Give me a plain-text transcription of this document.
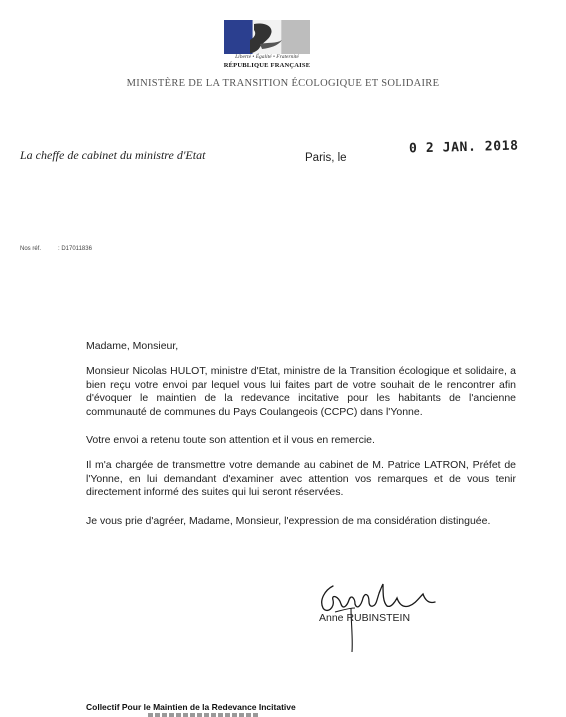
Liberté • Égalité • Fraternité
RÉPUBLIQUE FRANÇAISE
MINISTÈRE DE LA TRANSITION ÉCOLOGIQUE ET SOLIDAIRE
La cheffe de cabinet du ministre d'Etat	Paris, le
0 2 JAN. 2018
Nos réf.	: D17011836
Madame, Monsieur,
Monsieur Nicolas HULOT, ministre d'Etat, ministre de la Transition écologique et solidaire, a bien reçu votre envoi par lequel vous lui faites part de votre souhait de le rencontrer afin d'évoquer le maintien de la redevance incitative pour les habitants de l'ancienne communauté de communes du Pays Coulangeois (CCPC) dans l'Yonne.
Votre envoi a retenu toute son attention et il vous en remercie.
Il m'a chargée de transmettre votre demande au cabinet de M. Patrice LATRON, Préfet de l'Yonne, en lui demandant d'examiner avec attention vos remarques et de vous tenir directement informé des suites qui lui seront réservées.
Je vous prie d'agréer, Madame, Monsieur, l'expression de ma considération distinguée.
Anne RUBINSTEIN
Collectif Pour le Maintien de la Redevance Incitative
